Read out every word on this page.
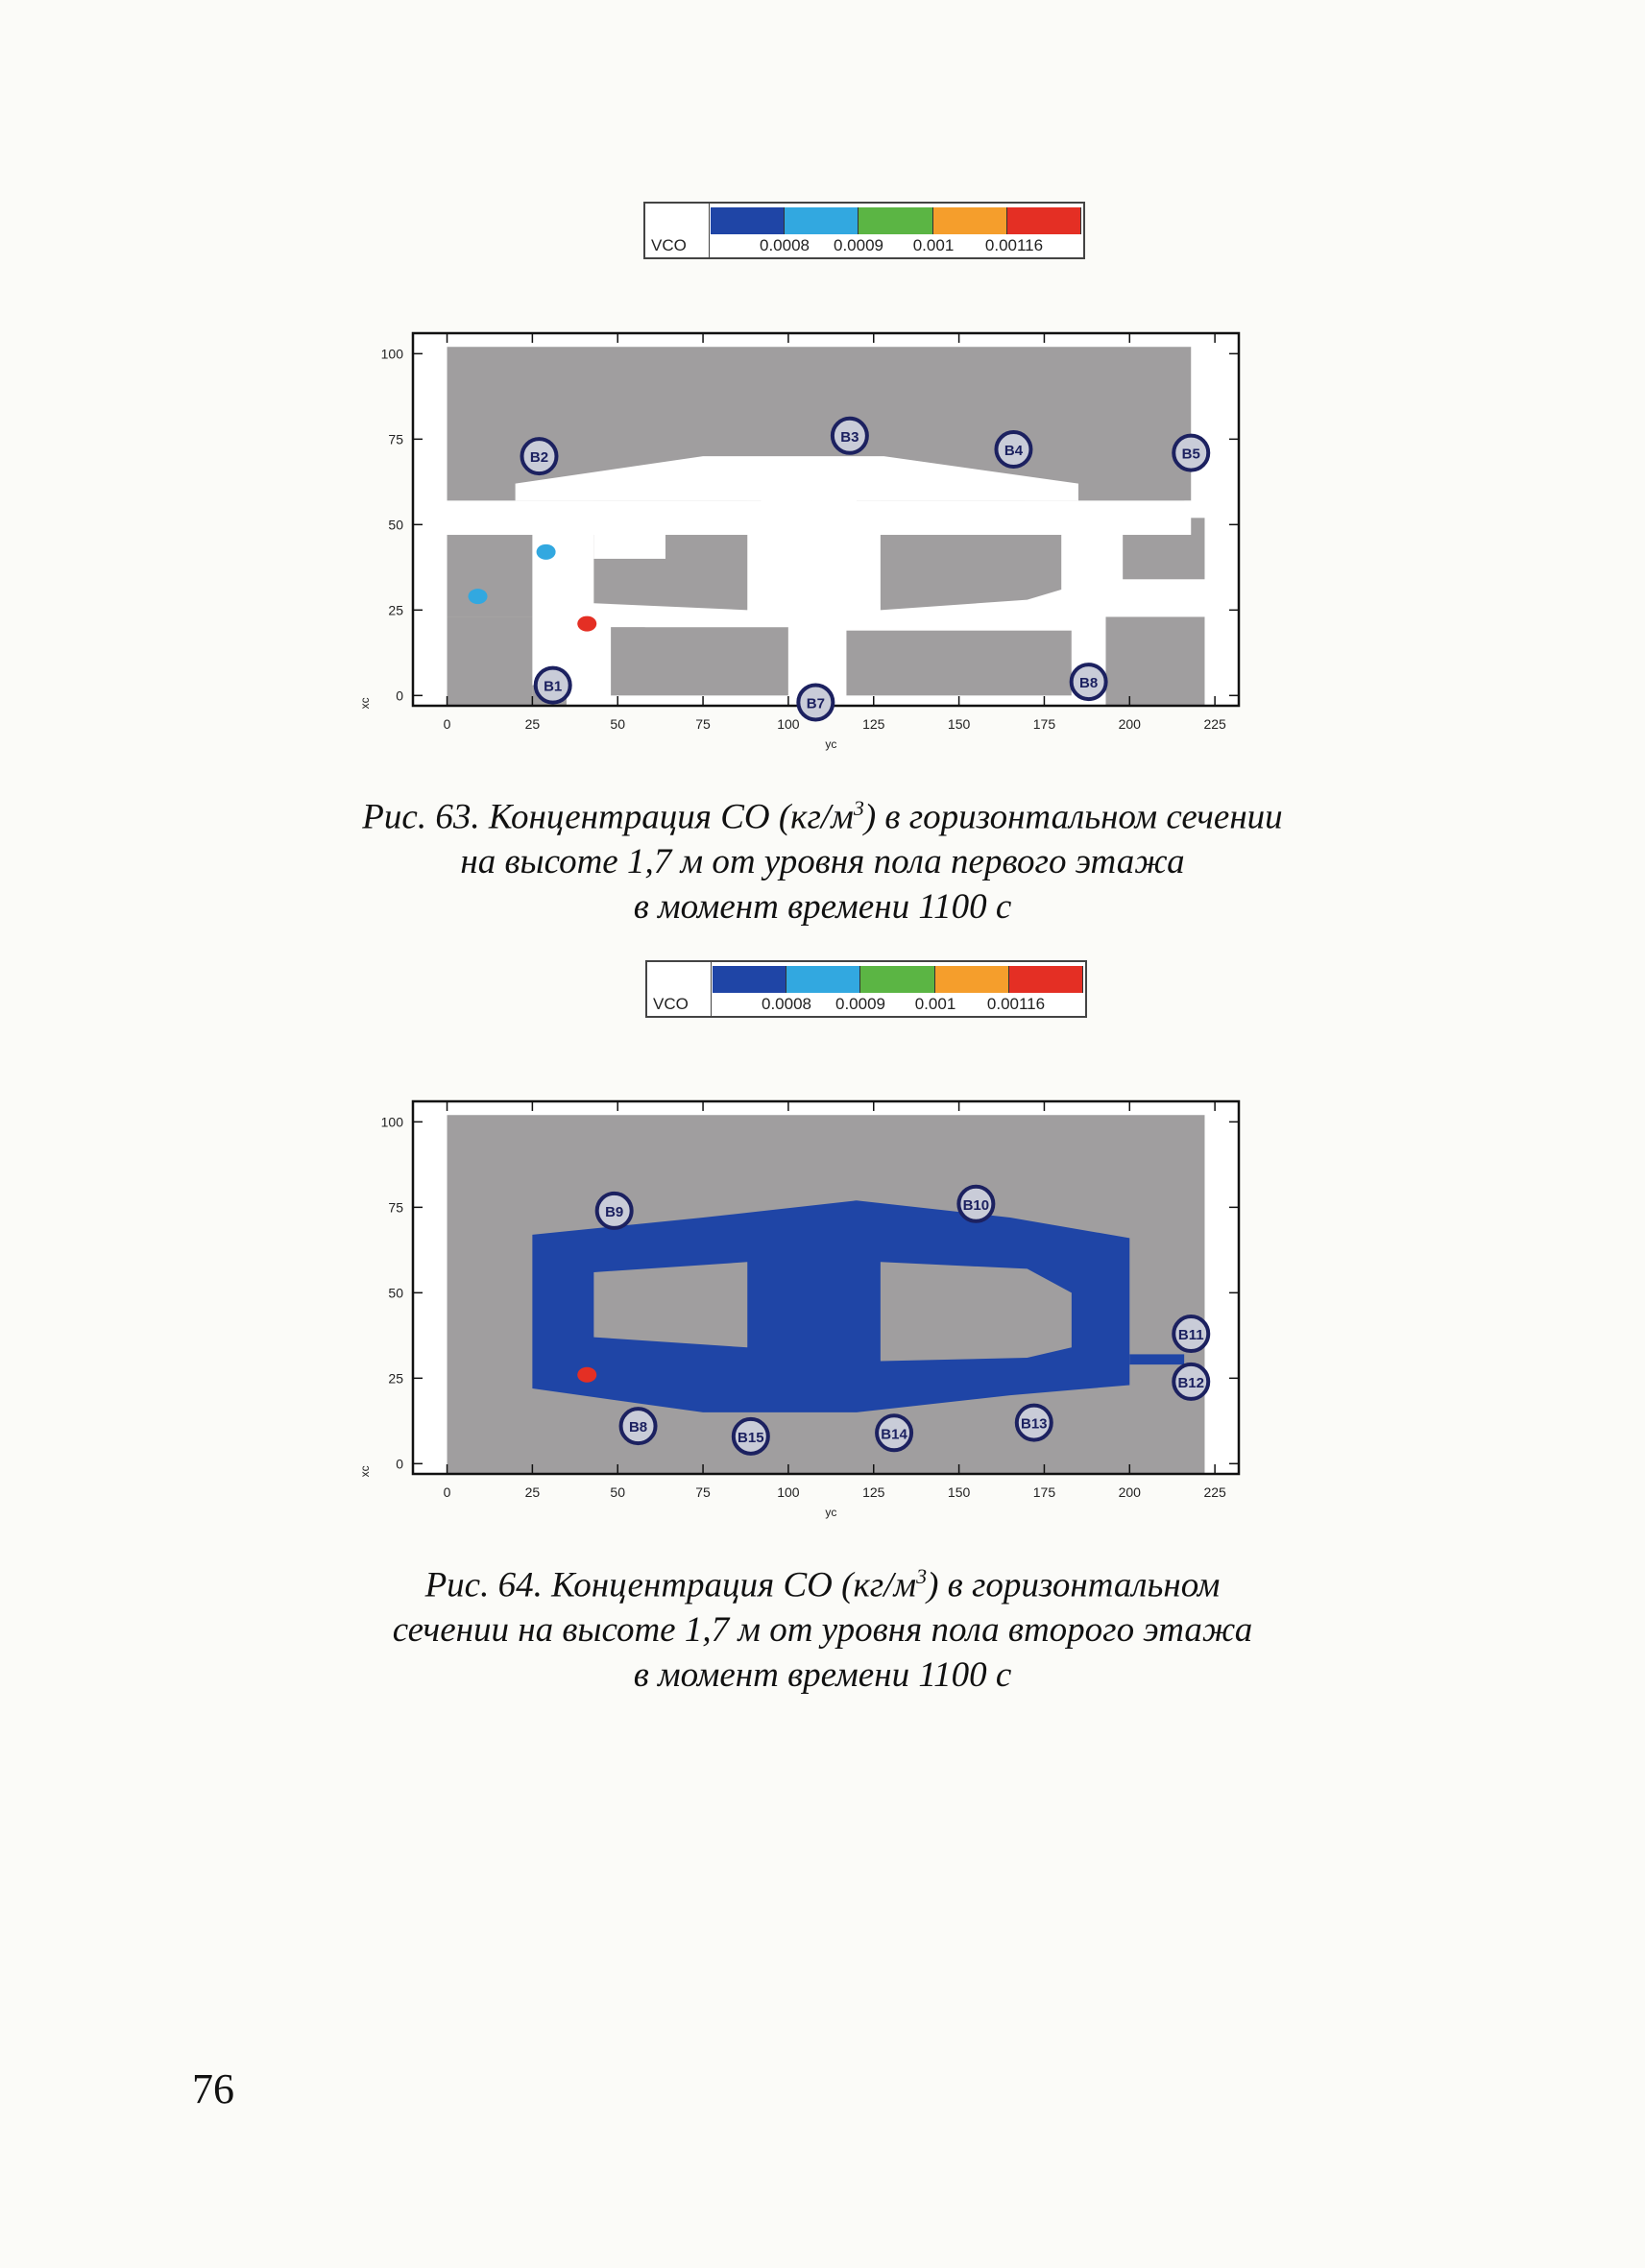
VCO	0.0008 0.0009 0.001 0.00116
0	25	50	75	100	125	150	175	200	225
0
25
50
75
100
yc
xc
B2
B3
B4	B5
B1
B7
B8
Рис. 63. Концентрация СО $(кг/м^3)$ в горизонтальном сечении
на высоте 1,7 м от уровня пола первого этажа
в момент времени 1100 с
VCO	0.0008 0.0009 0.001 0.00116
0	25	50	75	100	125	150	175	200	225
0
25
50
75
100
yc
xc
B9	B10
B11
B12
B8
B15	B14
B13
Рис. 64. Концентрация СО $(кг/м^3)$ в горизонтальном
сечении на высоте 1,7 м от уровня пола второго этажа
в момент времени 1100 с
76
